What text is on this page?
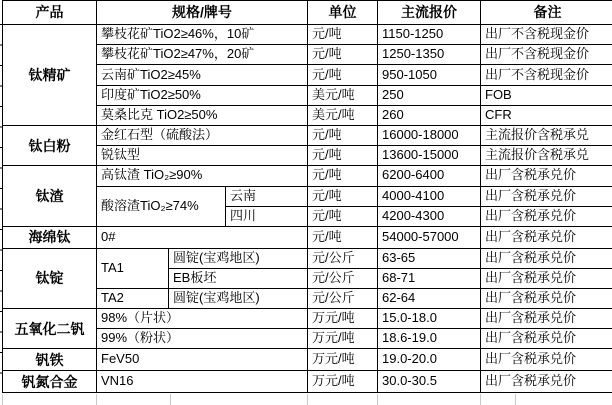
产品	规格/牌号			单位	主流报价	备注
钛精矿	攀枝花矿TiO2≥46%，10矿			元/吨	1150-1250	出厂不含税现金价
	攀枝花矿TiO2≥47%，20矿			元/吨	1250-1350	出厂不含税现金价
	云南矿TiO2≥45%			元/吨	950-1050	出厂不含税现金价
	印度矿TiO2≥50%			美元/吨	250	FOB
	莫桑比克 TiO2≥50%			美元/吨	260	CFR
钛白粉	金红石型（硫酸法）			元/吨	16000-18000	主流报价含税承兑
	锐钛型			元/吨	13600-15000	主流报价含税承兑
钛渣	高钛渣 TiO₂≥90%			元/吨	6200-6400	出厂含税承兑价
	酸溶渣TiO₂≥74%		云南	元/吨	4000-4100	出厂含税承兑价
			四川	元/吨	4200-4300	出厂含税承兑价
海绵钛	0#			元/吨	54000-57000	出厂含税承兑价
钛锭	TA1	圆锭(宝鸡地区)		元/公斤	63-65	出厂含税承兑价
		EB板坯		元/公斤	68-71	出厂含税承兑价
	TA2	圆锭(宝鸡地区)		元/公斤	62-64	出厂含税承兑价
五氧化二钒	98%（片状）			万元/吨	15.0-18.0	出厂含税承兑价
	99%（粉状）			万元/吨	18.6-19.0	出厂含税承兑价
钒铁	FeV50			万元/吨	19.0-20.0	出厂含税承兑价
钒氮合金	VN16			万元/吨	30.0-30.5	出厂含税承兑价
